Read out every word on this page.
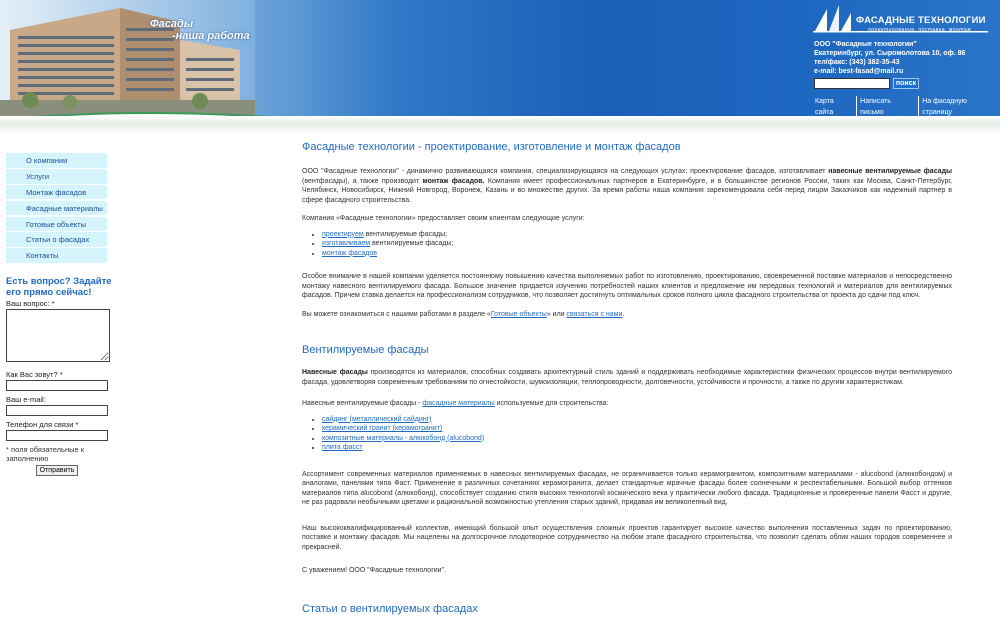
Фасады
-наша работа
ФАСАДНЫЕ ТЕХНОЛОГИИ
проектирование, поставка, монтаж
ООО "Фасадные технологии"
Екатеринбург, ул. Сыромолотова 10, оф. 86
тел/факс: (343) 382-35-43
e-mail: best-fasad@mail.ru
поиск
Карта сайта
Написать письмо
На фасадную страницу
О компании
Услуги
Монтаж фасадов
Фасадные материалы
Готовые объекты
Статьи о фасадах
Контакты
Есть вопрос? Задайте его прямо сейчас!
Ваш вопрос: *
Как Вас зовут? *
Ваш e-mail:
Телефон для связи *
* поля обязательные к заполнению
Отправить
Фасадные технологии - проектирование, изготовление и монтаж фасадов
ООО "Фасадные технологии" - динамично развивающаяся компания, специализирующаяся на следующих услугах: проектирование фасадов, изготавливает навесные вентилируемые фасады (вентфасады), а также производит монтаж фасадов. Компания имеет профессиональных партнеров в Екатеринбурге, и в большинстве регионов России, таких как Москва, Санкт-Петербург, Челябинск, Новосибирск, Нижний Новгород, Воронеж, Казань и во множестве других. За время работы наша компания зарекомендовала себя перед лицом Заказчиков как надежный партнер в сфере фасадного строительства.
Компания «Фасадные технологии» предоставляет своим клиентам следующие услуги:
• проектируем вентилируемые фасады;
• изготавливаем вентилируемые фасады;
• монтаж фасадов
Особое внимание в нашей компании уделяется постоянному повышению качества выполняемых работ по изготовлению, проектированию, своевременной поставке материалов и непосредственно монтажу навесного вентилируемого фасада. Большое значение придается изучению потребностей наших клиентов и предложение им передовых технологий и материалов для вентилируемых фасадов. Причем ставка делается на профессионализм сотрудников, что позволяет достигнуть оптимальных сроков полного цикла фасадного строительства от проекта до сдачи под ключ.
Вы можете ознакомиться с нашими работами в разделе «Готовые объекты» или связаться с нами.
Вентилируемые фасады
Навесные фасады производятся из материалов, способных создавать архитектурный стиль зданий и поддерживать необходимые характеристики физических процессов внутри вентилируемого фасада, удовлетворяя современным требованиям по огнестойкости, шумоизоляции, теплопроводности, долговечности, устойчивости и прочности, а также по другим характеристикам.
Навесные вентилируемые фасады - фасадные материалы используемые для строительства:
• сайдинг (металлический сайдинг)
• керамический гранит (керамогранит)
• композитные материалы - алюкобонд (alucobond)
• плита фасст
Ассортимент современных материалов применяемых в навесных вентилируемых фасадах, не ограничивается только керамогранитом, композитными материалами - alucobond (алюкобондом) и аналогами, панелями типа Фаст. Применение в различных сочетаниях керамогранита, делает стандартные мрачные фасады более солнечными и респектабельными. Большой выбор оттенков материалов типа alucobond (алюкобонд), способствует созданию стиля высоких технологий космического века у практически любого фасада. Традиционные и проверенные панели Фасст и другие, не раз радовали необычными цветами и рациональной возможностью утепления старых зданий, придавая им великолепный вид.
Наш высококвалифицированный коллектив, имеющий большой опыт осуществления сложных проектов гарантирует высокое качество выполнения поставленных задач по проектированию, поставке и монтажу фасадов. Мы нацелены на долгосрочное плодотворное сотрудничество на любом этапе фасадного строительства, что позволит сделать облик наших городов современнее и прекрасней.
С уважением! ООО "Фасадные технологии".
Статьи о вентилируемых фасадах
